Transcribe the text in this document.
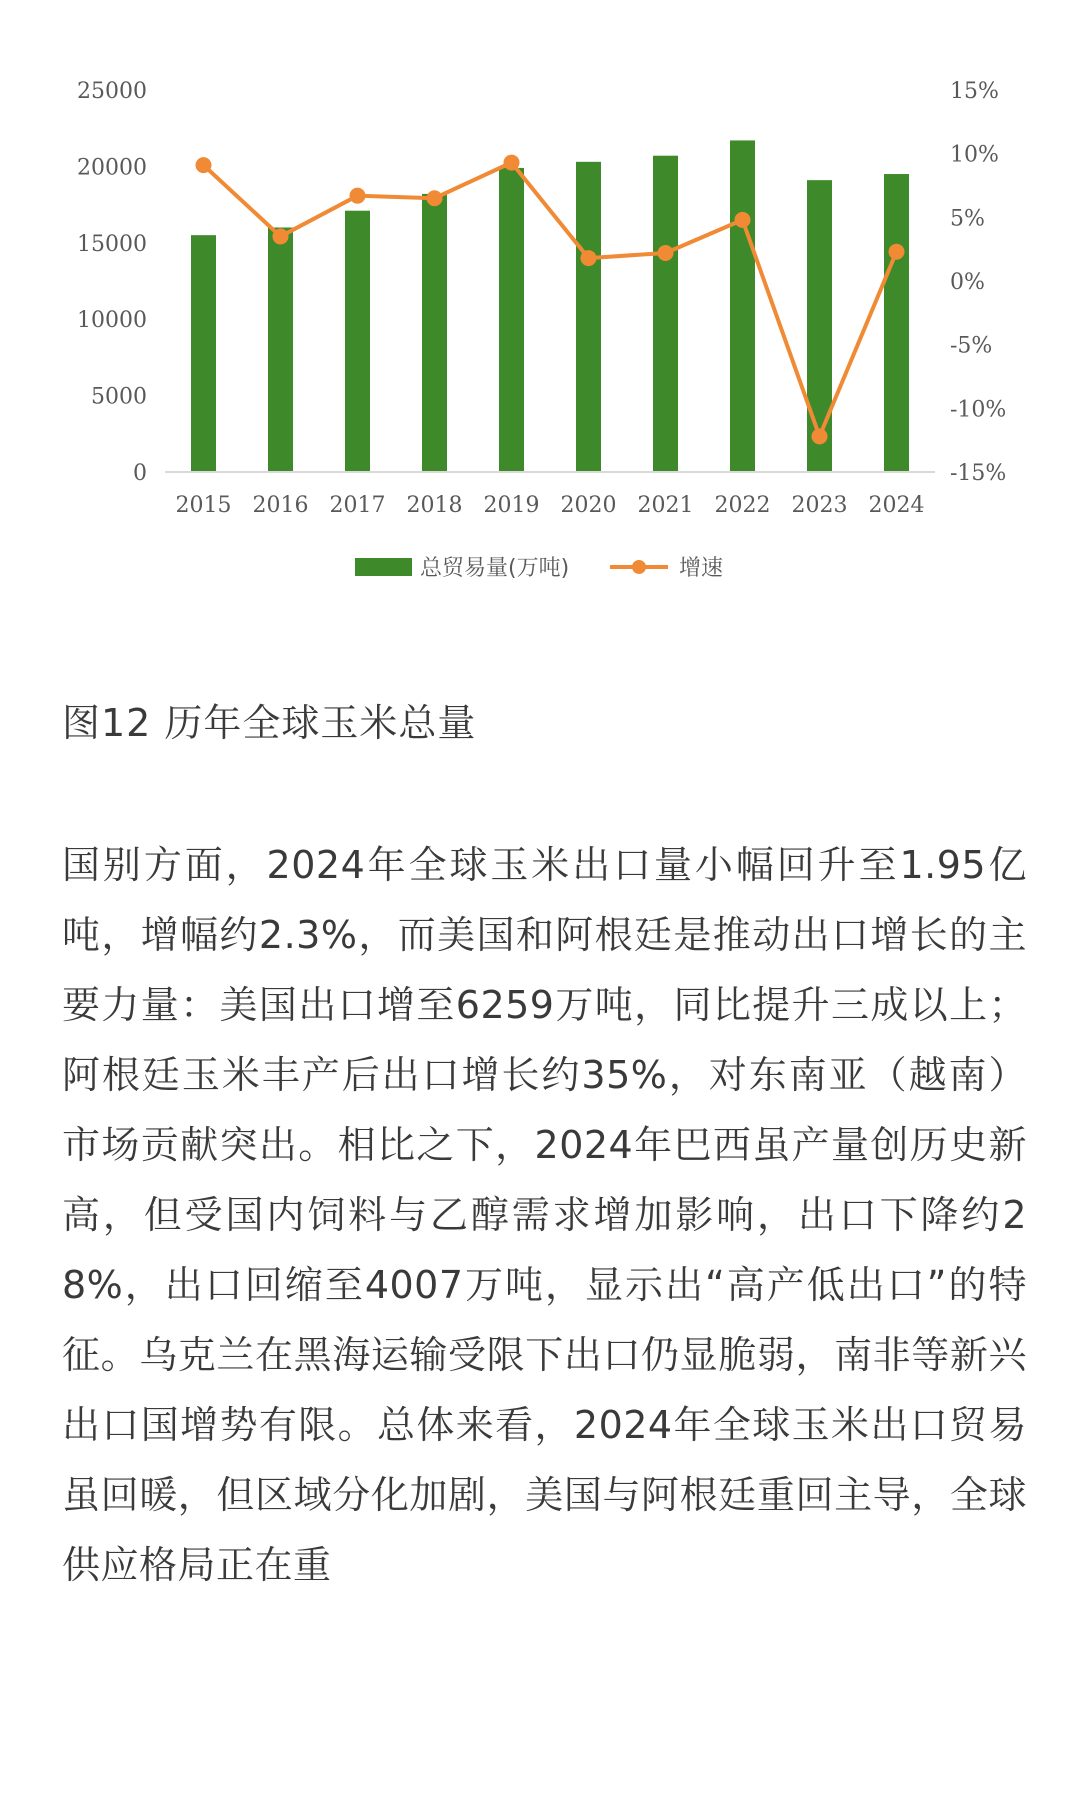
0
5000
10000
15000
20000
25000
-15%
-10%
-5%
0%
5%
10%
15%
2015 2016 2017 2018 2019 2020 2021 2022 2023 2024
总贸易量(万吨)	增速
图12 历年全球玉米总量
国别方面，2024年全球玉米出口量小幅回升至1.95亿吨，增幅约2.3%，而美国和阿根廷是推动出口增长的主要力量：美国出口增至6259万吨，同比提升三成以上；阿根廷玉米丰产后出口增长约35%，对东南亚（越南）市场贡献突出。相比之下，2024年巴西虽产量创历史新高，但受国内饲料与乙醇需求增加影响，出口下降约28%，出口回缩至4007万吨，显示出“高产低出口”的特征。乌克兰在黑海运输受限下出口仍显脆弱，南非等新兴出口国增势有限。总体来看，2024年全球玉米出口贸易虽回暖，但区域分化加剧，美国与阿根廷重回主导，全球供应格局正在重
